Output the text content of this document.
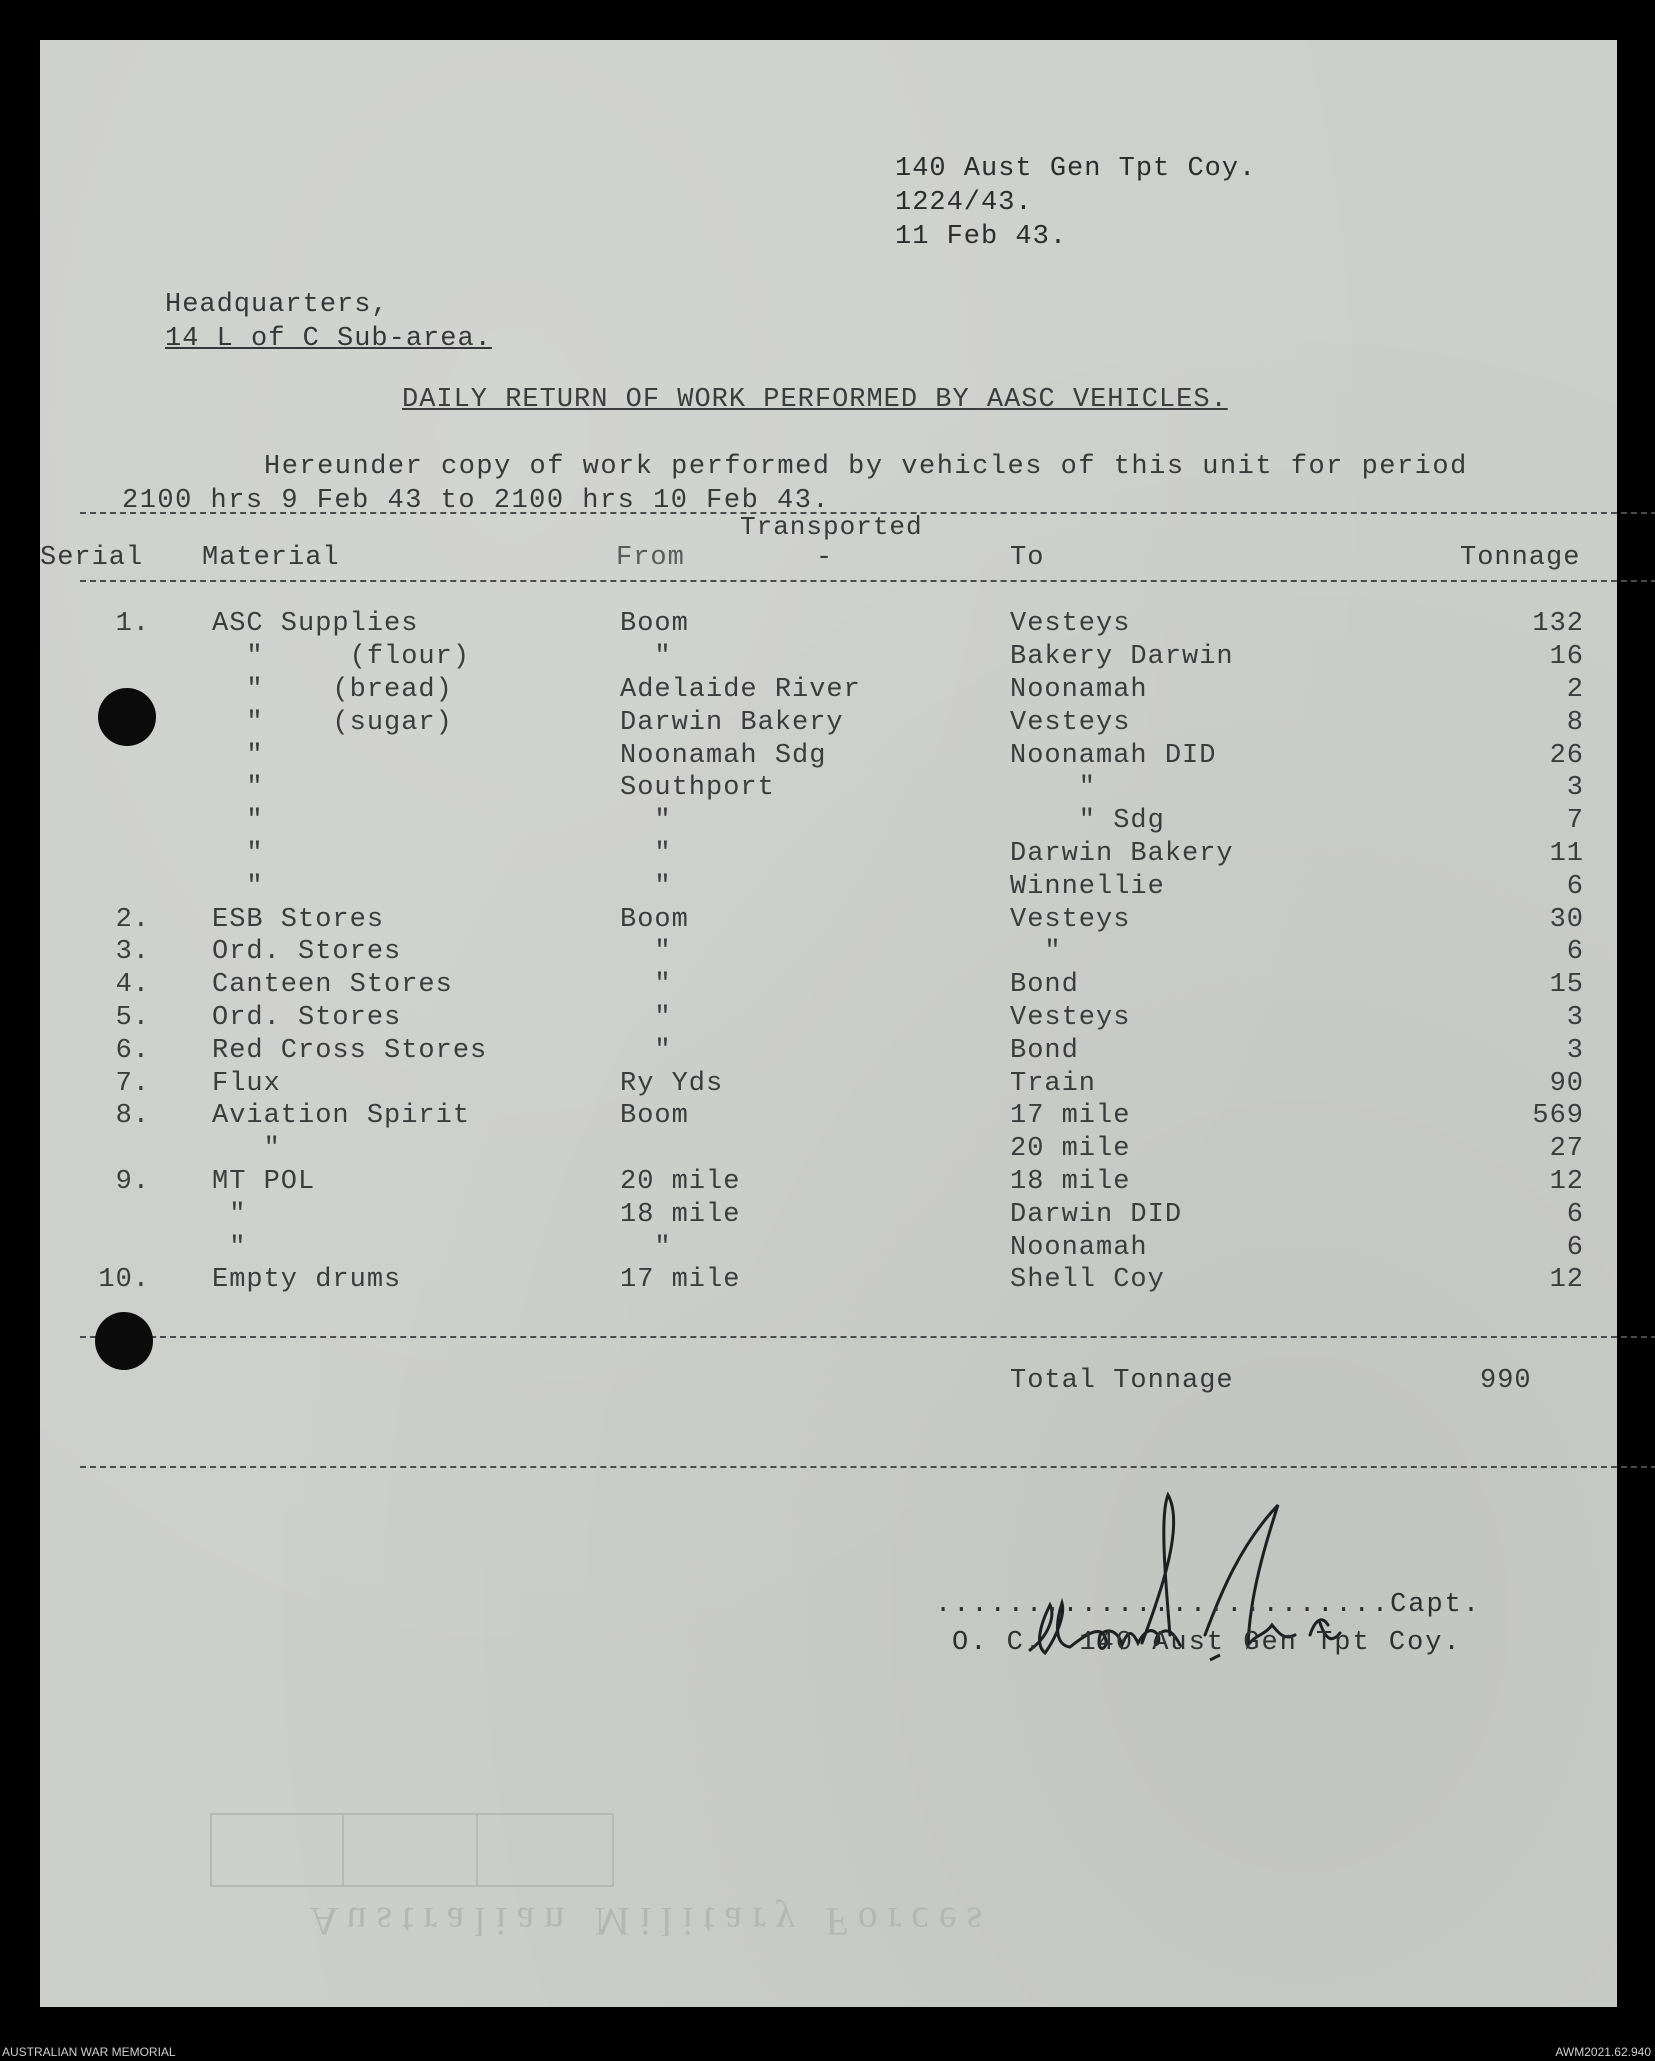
140 Aust Gen Tpt Coy.
1224/43.
11 Feb 43.
Headquarters,
14 L of C Sub-area.
DAILY RETURN OF WORK PERFORMED BY AASC VEHICLES.
Hereunder copy of work performed by vehicles of this unit for period
2100 hrs 9 Feb 43 to 2100 hrs 10 Feb 43.
Transported
Serial Material	From	-	To	Tonnage
1.	ASC Supplies	Boom	Vesteys	132
	"     (flour)	"	Bakery Darwin	16
	"    (bread)	Adelaide River	Noonamah	2
	"    (sugar)	Darwin Bakery	Vesteys	8
	"	Noonamah Sdg	Noonamah DID	26
	"	Southport	"	3
	"	"	" Sdg	7
	"	"	Darwin Bakery	11
	"	"	Winnellie	6
2.	ESB Stores	Boom	Vesteys	30
3.	Ord. Stores	"	"	6
4.	Canteen Stores	"	Bond	15
5.	Ord. Stores	"	Vesteys	3
6.	Red Cross Stores	"	Bond	3
7.	Flux	Ry Yds	Train	90
8.	Aviation Spirit	Boom	17 mile	569
	"		20 mile	27
9.	MT POL	20 mile	18 mile	12
	"	18 mile	Darwin DID	6
	"	"	Noonamah	6
10.	Empty drums	17 mile	Shell Coy	12
Total Tonnage	990
.........................Capt.
O. C.  140 Aust Gen Tpt Coy.
A u s t r a l i a n   M i l i t a r y   F o r c e s
AUSTRALIAN WAR MEMORIAL	AWM2021.62.940
